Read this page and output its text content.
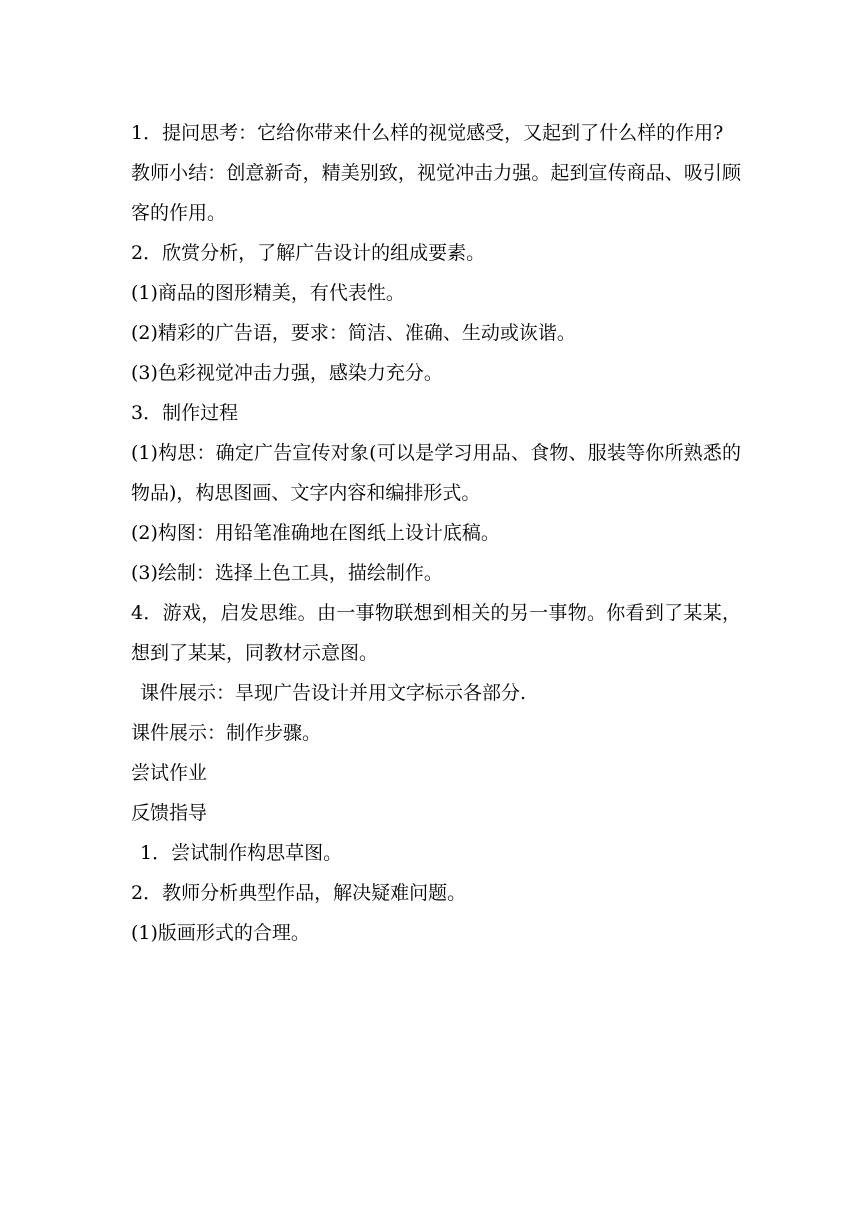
1．提问思考：它给你带来什么样的视觉感受，又起到了什么样的作用?

教师小结：创意新奇，精美别致，视觉冲击力强。起到宣传商品、吸引顾客的作用。

2．欣赏分析，了解广告设计的组成要素。

(1)商品的图形精美，有代表性。

(2)精彩的广告语，要求：简洁、准确、生动或诙谐。

(3)色彩视觉冲击力强，感染力充分。

3．制作过程

(1)构思：确定广告宣传对象(可以是学习用品、食物、服装等你所熟悉的物品)，构思图画、文字内容和编排形式。

(2)构图：用铅笔准确地在图纸上设计底稿。

(3)绘制：选择上色工具，描绘制作。

4．游戏，启发思维。由一事物联想到相关的另一事物。你看到了某某，想到了某某，同教材示意图。

课件展示：旱现广告设计并用文字标示各部分.

课件展示：制作步骤。

尝试作业

反馈指导

1．尝试制作构思草图。

2．教师分析典型作品，解决疑难问题。

(1)版画形式的合理。
